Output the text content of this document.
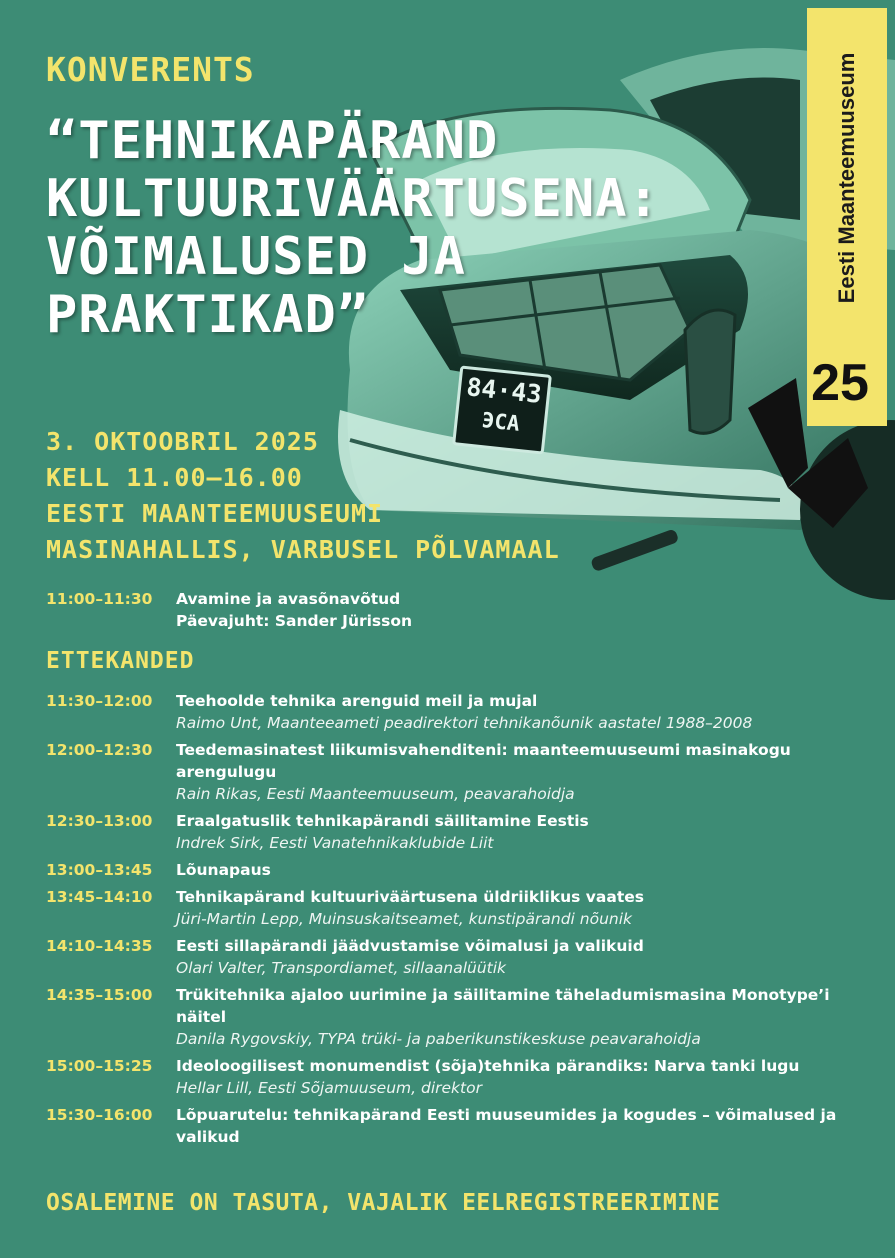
84·43
ЭСА
Eesti Maanteemuuseum
25
KONVERENTS
“TEHNIKAPÄRAND
KULTUURIVÄÄRTUSENA:
VÕIMALUSED JA
PRAKTIKAD”
3. OKTOOBRIL 2025
KELL 11.00–16.00
EESTI MAANTEEMUUSEUMI
MASINAHALLIS, VARBUSEL PÕLVAMAAL
11:00–11:30	Avamine ja avasõnavõtud
Päevajuht: Sander Jürisson
ETTEKANDED
11:30–12:00	Teehoolde tehnika arenguid meil ja mujal
Raimo Unt, Maanteeameti peadirektori tehnikanõunik aastatel 1988–2008
12:00–12:30	Teedemasinatest liikumisvahenditeni: maanteemuuseumi masinakogu arengulugu
Rain Rikas, Eesti Maanteemuuseum, peavarahoidja
12:30–13:00	Eraalgatuslik tehnikapärandi säilitamine Eestis
Indrek Sirk, Eesti Vanatehnikaklubide Liit
13:00–13:45	Lõunapaus
13:45–14:10	Tehnikapärand kultuuriväärtusena üldriiklikus vaates
Jüri-Martin Lepp, Muinsuskaitseamet, kunstipärandi nõunik
14:10–14:35	Eesti sillapärandi jäädvustamise võimalusi ja valikuid
Olari Valter, Transpordiamet, sillaanalüütik
14:35–15:00	Trükitehnika ajaloo uurimine ja säilitamine täheladumismasina Monotype’i näitel
Danila Rygovskiy, TYPA trüki- ja paberikunstikeskuse peavarahoidja
15:00–15:25	Ideoloogilisest monumendist (sõja)tehnika pärandiks: Narva tanki lugu
Hellar Lill, Eesti Sõjamuuseum, direktor
15:30–16:00	Lõpuarutelu: tehnikapärand Eesti muuseumides ja kogudes – võimalused ja valikud
OSALEMINE ON TASUTA, VAJALIK EELREGISTREERIMINE
